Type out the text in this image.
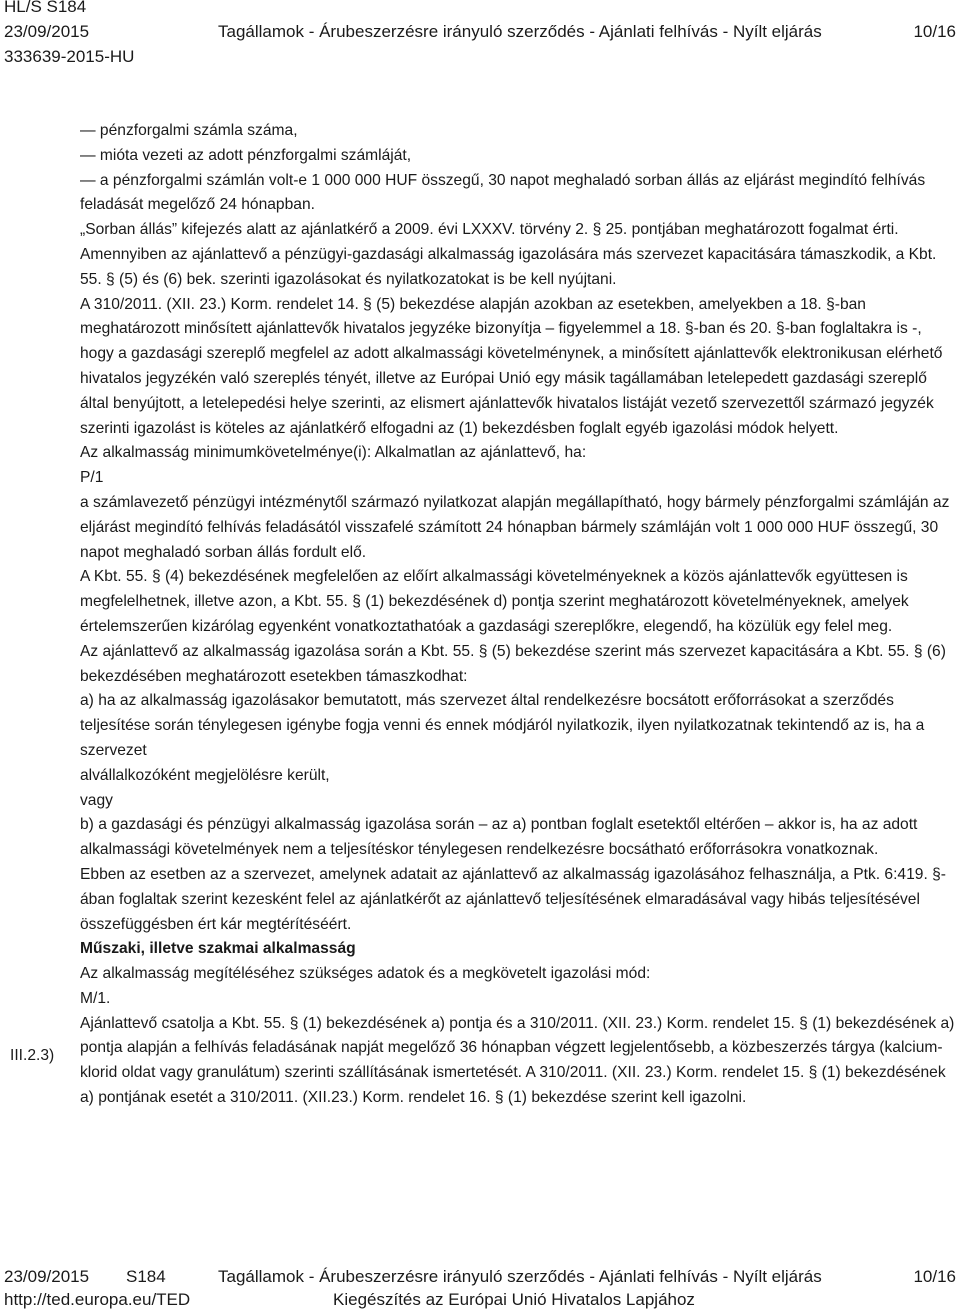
HL/S S184
23/09/2015
333639-2015-HU
Tagállamok - Árubeszerzésre irányuló szerződés - Ajánlati felhívás - Nyílt eljárás	10/16
III.2.3)

— pénzforgalmi számla száma,

— mióta vezeti az adott pénzforgalmi számláját,

— a pénzforgalmi számlán volt-e 1 000 000 HUF összegű, 30 napot meghaladó sorban állás az eljárást megindító felhívás feladását megelőző 24 hónapban.

„Sorban állás” kifejezés alatt az ajánlatkérő a 2009. évi LXXXV. törvény 2. § 25. pontjában meghatározott fogalmat érti.

Amennyiben az ajánlattevő a pénzügyi-gazdasági alkalmasság igazolására más szervezet kapacitására támaszkodik, a Kbt. 55. § (5) és (6) bek. szerinti igazolásokat és nyilatkozatokat is be kell nyújtani.

A 310/2011. (XII. 23.) Korm. rendelet 14. § (5) bekezdése alapján azokban az esetekben, amelyekben a 18. §-ban meghatározott minősített ajánlattevők hivatalos jegyzéke bizonyítja – figyelemmel a 18. §-ban és 20. §-ban foglaltakra is -, hogy a gazdasági szereplő megfelel az adott alkalmassági követelménynek, a minősített ajánlattevők elektronikusan elérhető hivatalos jegyzékén való szereplés tényét, illetve az Európai Unió egy másik tagállamában letelepedett gazdasági szereplő által benyújtott, a letelepedési helye szerinti, az elismert ajánlattevők hivatalos listáját vezető szervezettől származó jegyzék szerinti igazolást is köteles az ajánlatkérő elfogadni az (1) bekezdésben foglalt egyéb igazolási módok helyett.

Az alkalmasság minimumkövetelménye(i): Alkalmatlan az ajánlattevő, ha:

P/1

a számlavezető pénzügyi intézménytől származó nyilatkozat alapján megállapítható, hogy bármely pénzforgalmi számláján az eljárást megindító felhívás feladásától visszafelé számított 24 hónapban bármely számláján volt 1 000 000 HUF összegű, 30 napot meghaladó sorban állás fordult elő.

A Kbt. 55. § (4) bekezdésének megfelelően az előírt alkalmassági követelményeknek a közös ajánlattevők együttesen is megfelelhetnek, illetve azon, a Kbt. 55. § (1) bekezdésének d) pontja szerint meghatározott követelményeknek, amelyek értelemszerűen kizárólag egyenként vonatkoztathatóak a gazdasági szereplőkre, elegendő, ha közülük egy felel meg.

Az ajánlattevő az alkalmasság igazolása során a Kbt. 55. § (5) bekezdése szerint más szervezet kapacitására a Kbt. 55. § (6) bekezdésében meghatározott esetekben támaszkodhat:

a) ha az alkalmasság igazolásakor bemutatott, más szervezet által rendelkezésre bocsátott erőforrásokat a szerződés teljesítése során ténylegesen igénybe fogja venni és ennek módjáról nyilatkozik, ilyen nyilatkozatnak tekintendő az is, ha a szervezet

alvállalkozóként megjelölésre került,

vagy

b) a gazdasági és pénzügyi alkalmasság igazolása során – az a) pontban foglalt esetektől eltérően – akkor is, ha az adott alkalmassági követelmények nem a teljesítéskor ténylegesen rendelkezésre bocsátható erőforrásokra vonatkoznak.

Ebben az esetben az a szervezet, amelynek adatait az ajánlattevő az alkalmasság igazolásához felhasználja, a Ptk. 6:419. §-ában foglaltak szerint kezesként felel az ajánlatkérőt az ajánlattevő teljesítésének elmaradásával vagy hibás teljesítésével összefüggésben ért kár megtérítéséért.

Műszaki, illetve szakmai alkalmasság

Az alkalmasság megítéléséhez szükséges adatok és a megkövetelt igazolási mód:

M/1.

Ajánlattevő csatolja a Kbt. 55. § (1) bekezdésének a) pontja és a 310/2011. (XII. 23.) Korm. rendelet 15. § (1) bekezdésének a) pontja alapján a felhívás feladásának napját megelőző 36 hónapban végzett legjelentősebb, a közbeszerzés tárgya (kalcium-klorid oldat vagy granulátum) szerinti szállításának ismertetését. A 310/2011. (XII. 23.) Korm. rendelet 15. § (1) bekezdésének a) pontjának esetét a 310/2011. (XII.23.) Korm. rendelet 16. § (1) bekezdése szerint kell igazolni.

23/09/2015 S184	Tagállamok - Árubeszerzésre irányuló szerződés - Ajánlati felhívás - Nyílt eljárás	10/16
http://ted.europa.eu/TED	Kiegészítés az Európai Unió Hivatalos Lapjához
